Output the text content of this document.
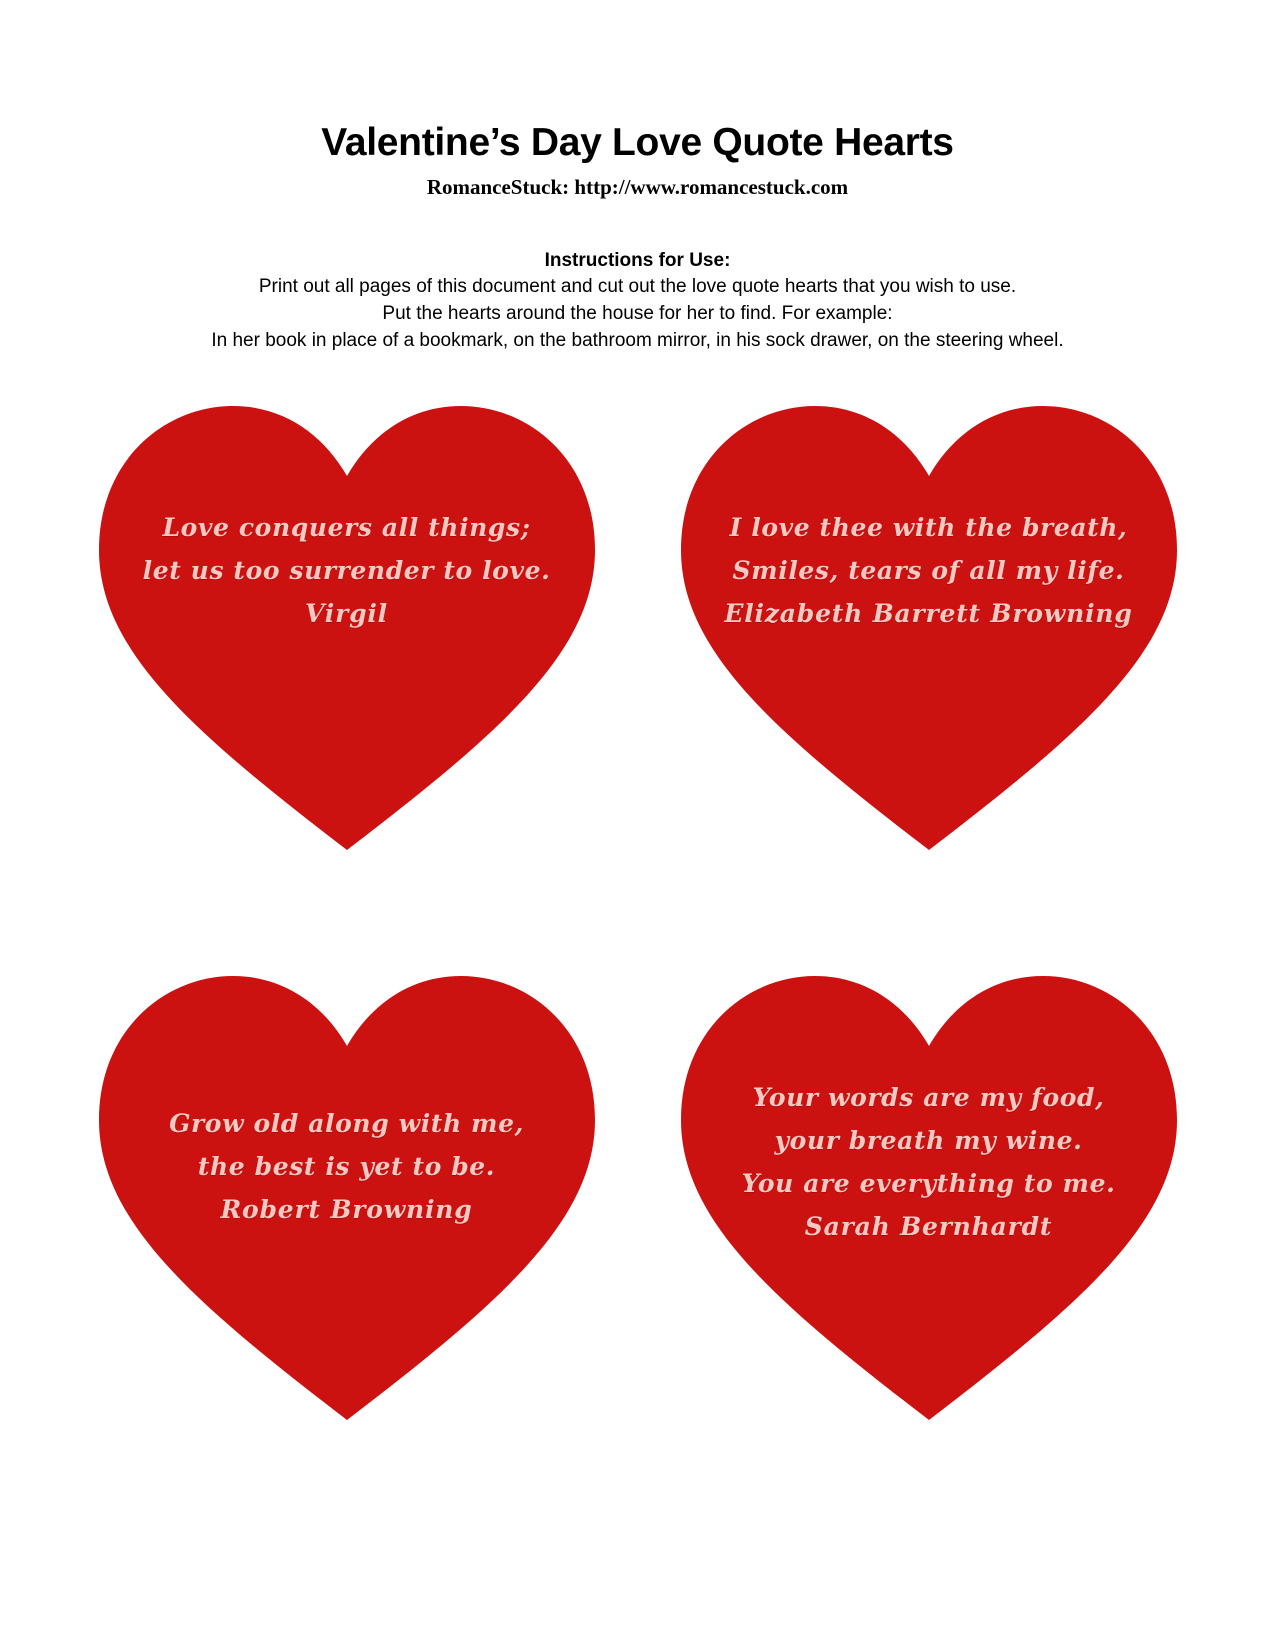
Valentine’s Day Love Quote Hearts

RomanceStuck: http://www.romancestuck.com

Instructions for Use:

Print out all pages of this document and cut out the love quote hearts that you wish to use.

Put the hearts around the house for her to find. For example:

In her book in place of a bookmark, on the bathroom mirror, in his sock drawer, on the steering wheel.

Love conquers all things;
let us too surrender to love.
Virgil
I love thee with the breath,
Smiles, tears of all my life.
Elizabeth Barrett Browning
Grow old along with me,
the best is yet to be.
Robert Browning
Your words are my food,
your breath my wine.
You are everything to me.
Sarah Bernhardt
